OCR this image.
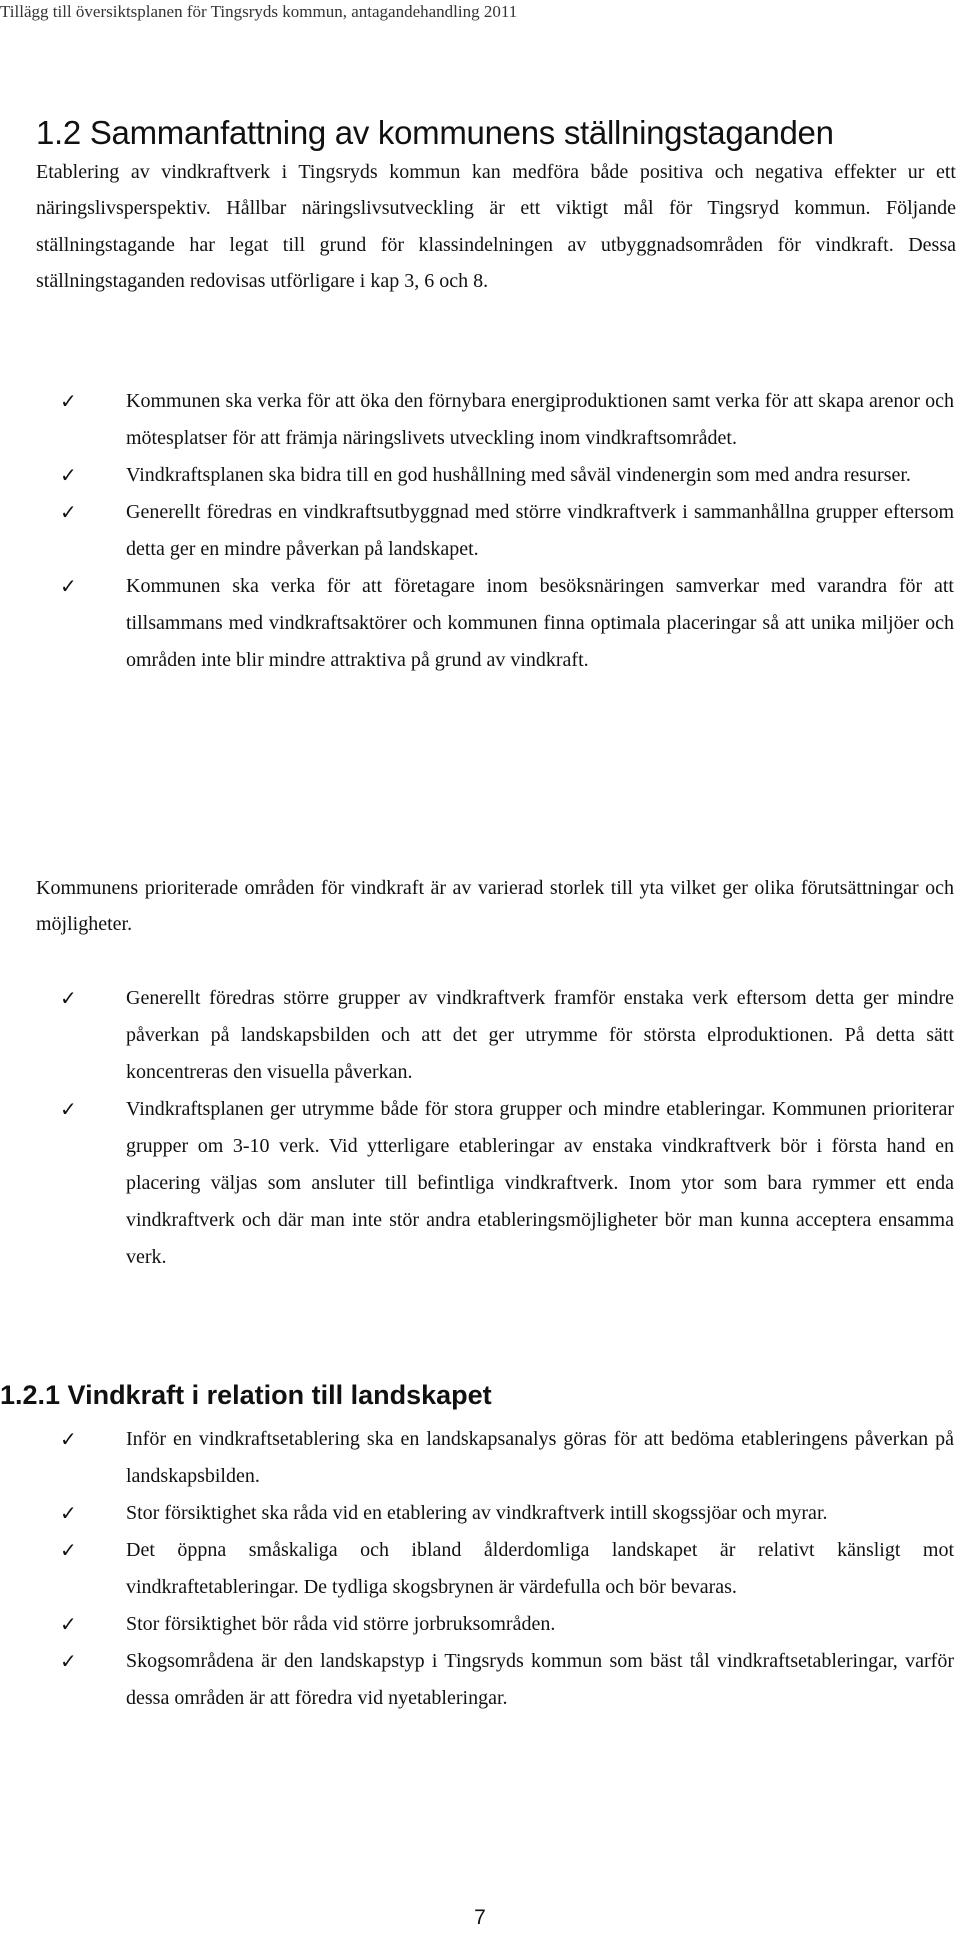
Tillägg till översiktsplanen för Tingsryds kommun, antagandehandling 2011
1.2 Sammanfattning av kommunens ställningstaganden

Etablering av vindkraftverk i Tingsryds kommun kan medföra både positiva och negativa effekter ur ett näringslivsperspektiv. Hållbar näringslivsutveckling är ett viktigt mål för Tingsryd kommun. Följande ställningstagande har legat till grund för klassindelningen av utbyggnadsområden för vindkraft. Dessa ställningstaganden redovisas utförligare i kap 3, 6 och 8.

✓ Kommunen ska verka för att öka den förnybara energiproduktionen samt verka för att skapa arenor och mötesplatser för att främja näringslivets utveckling inom vindkraftsområdet.
✓ Vindkraftsplanen ska bidra till en god hushållning med såväl vindenergin som med andra resurser.
✓ Generellt föredras en vindkraftsutbyggnad med större vindkraftverk i sammanhållna grupper eftersom detta ger en mindre påverkan på landskapet.
✓ Kommunen ska verka för att företagare inom besöksnäringen samverkar med varandra för att tillsammans med vindkraftsaktörer och kommunen finna optimala placeringar så att unika miljöer och områden inte blir mindre attraktiva på grund av vindkraft.

Kommunens prioriterade områden för vindkraft är av varierad storlek till yta vilket ger olika förutsättningar och möjligheter.

✓ Generellt föredras större grupper av vindkraftverk framför enstaka verk eftersom detta ger mindre påverkan på landskapsbilden och att det ger utrymme för största elproduktionen. På detta sätt koncentreras den visuella påverkan.
✓ Vindkraftsplanen ger utrymme både för stora grupper och mindre etableringar. Kommunen prioriterar grupper om 3-10 verk. Vid ytterligare etableringar av enstaka vindkraftverk bör i första hand en placering väljas som ansluter till befintliga vindkraftverk. Inom ytor som bara rymmer ett enda vindkraftverk och där man inte stör andra etableringsmöjligheter bör man kunna acceptera ensamma verk.
1.2.1 Vindkraft i relation till landskapet
✓ Inför en vindkraftsetablering ska en landskapsanalys göras för att bedöma etableringens påverkan på landskapsbilden.
✓ Stor försiktighet ska råda vid en etablering av vindkraftverk intill skogssjöar och myrar.
✓ Det öppna småskaliga och ibland ålderdomliga landskapet är relativt känsligt mot vindkraftetableringar. De tydliga skogsbrynen är värdefulla och bör bevaras.
✓ Stor försiktighet bör råda vid större jorbruksområden.
✓ Skogsområdena är den landskapstyp i Tingsryds kommun som bäst tål vindkraftsetableringar, varför dessa områden är att föredra vid nyetableringar.
7
